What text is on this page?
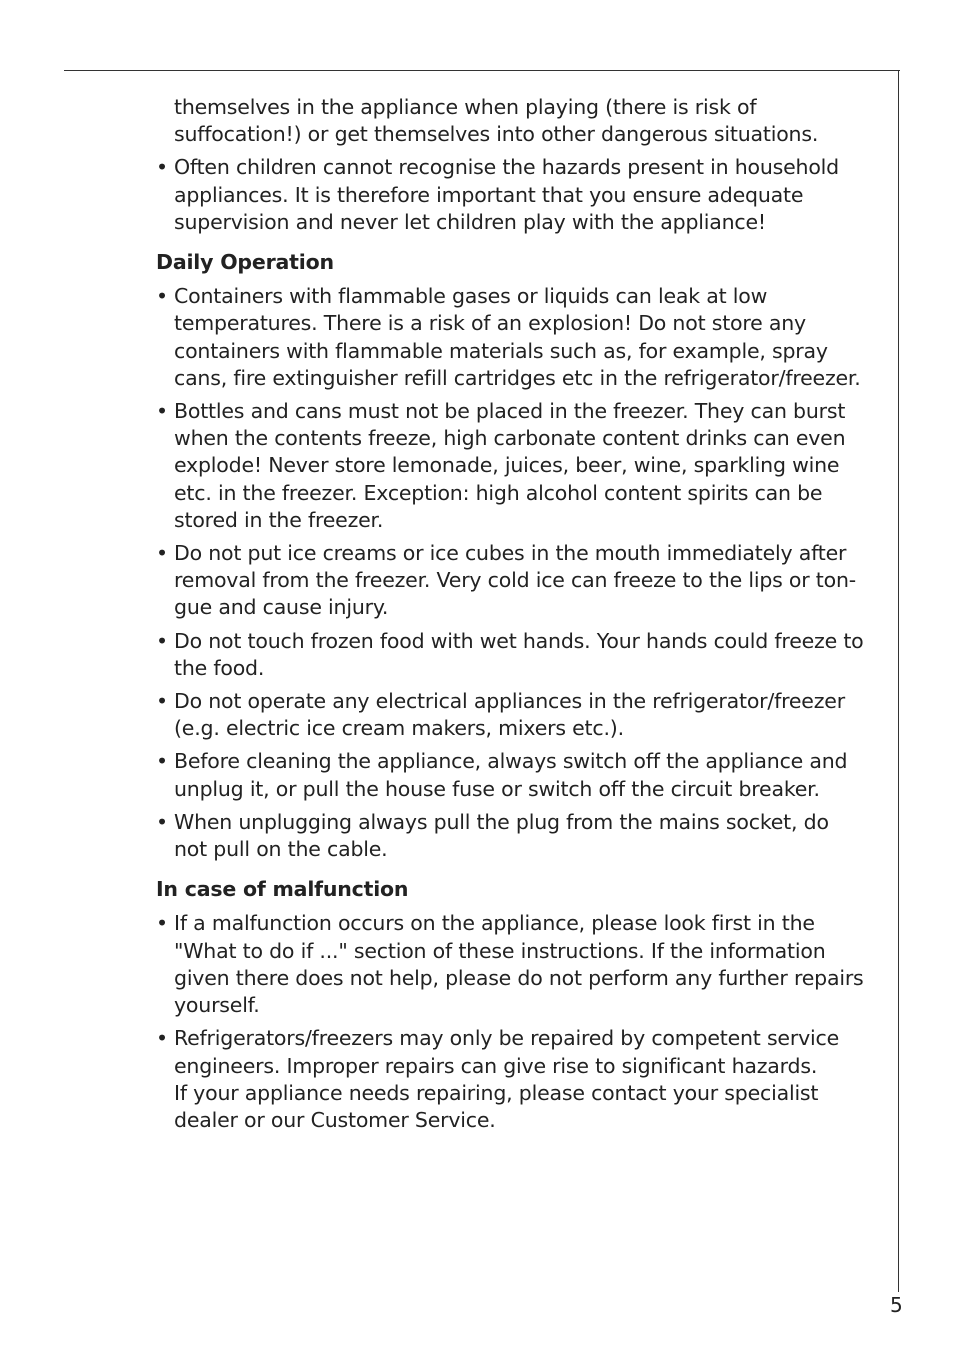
themselves in the appliance when playing (there is risk of suffocation!) or get themselves into other dangerous situations.

• Often children cannot recognise the hazards present in household appliances. It is therefore important that you ensure adequate supervision and never let children play with the appliance!
Daily Operation
• Containers with flammable gases or liquids can leak at low temperatures. There is a risk of an explosion! Do not store any containers with flammable materials such as, for example, spray cans, fire extinguisher refill cartridges etc in the refrigerator/freezer.
• Bottles and cans must not be placed in the freezer. They can burst when the contents freeze, high carbonate content drinks can even explode! Never store lemonade, juices, beer, wine, sparkling wine etc. in the freezer. Exception: high alcohol content spirits can be stored in the freezer.
• Do not put ice creams or ice cubes in the mouth immediately after removal from the freezer. Very cold ice can freeze to the lips or ton-gue and cause injury.
• Do not touch frozen food with wet hands. Your hands could freeze to the food.
• Do not operate any electrical appliances in the refrigerator/freezer (e.g. electric ice cream makers, mixers etc.).
• Before cleaning the appliance, always switch off the appliance and unplug it, or pull the house fuse or switch off the circuit breaker.
• When unplugging always pull the plug from the mains socket, do not pull on the cable.
In case of malfunction
• If a malfunction occurs on the appliance, please look first in the "What to do if ..." section of these instructions. If the information given there does not help, please do not perform any further repairs yourself.
• Refrigerators/freezers may only be repaired by competent service engineers. Improper repairs can give rise to significant hazards.
If your appliance needs repairing, please contact your specialist dealer or our Customer Service.
5
